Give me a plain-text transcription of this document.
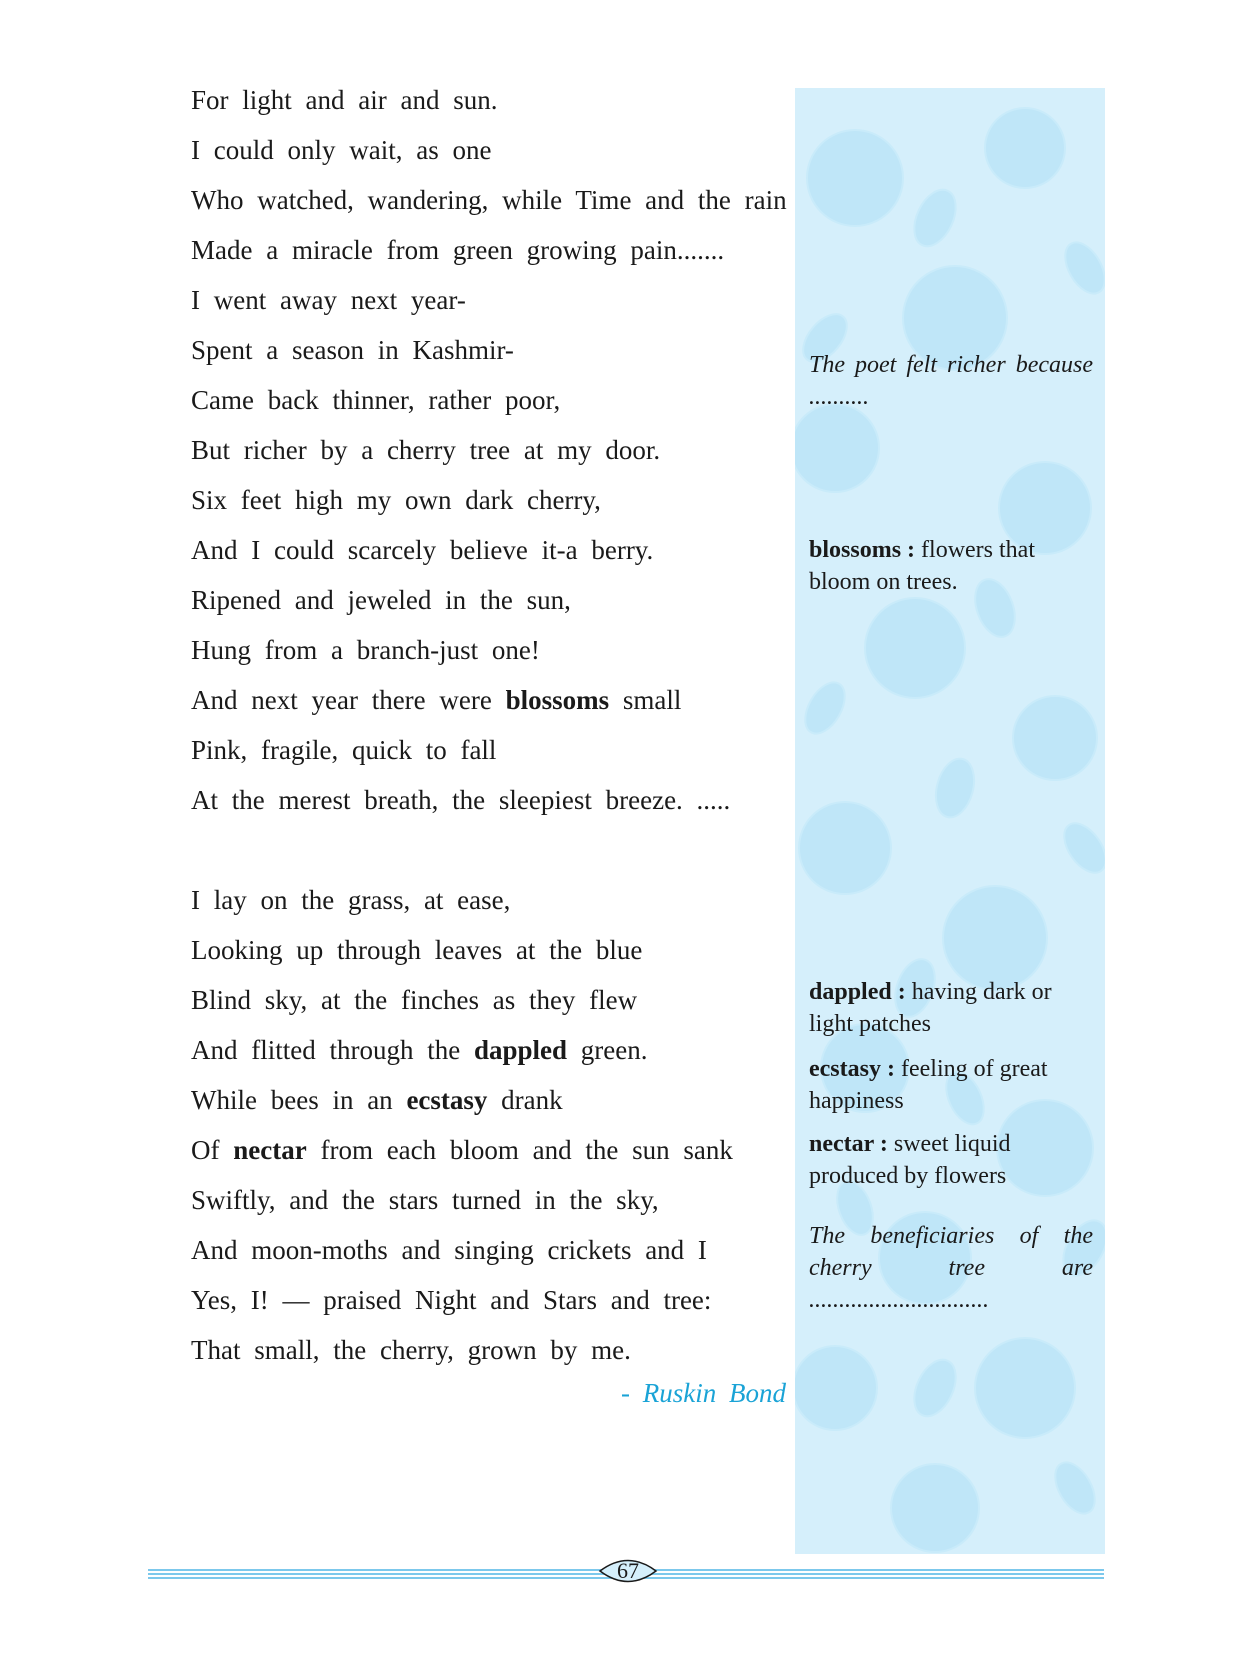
For light and air and sun.
I could only wait, as one
Who watched, wandering, while Time and the rain
Made a miracle from green growing pain.......
I went away next year-
Spent a season in Kashmir-
Came back thinner, rather poor,
But richer by a cherry tree at my door.
Six feet high my own dark cherry,
And I could scarcely believe it-a berry.
Ripened and jeweled in the sun,
Hung from a branch-just one!
And next year there were blossoms small
Pink, fragile, quick to fall
At the merest breath, the sleepiest breeze. .....
I lay on the grass, at ease,
Looking up through leaves at the blue
Blind sky, at the finches as they flew
And flitted through the dappled green.
While bees in an ecstasy drank
Of nectar from each bloom and the sun sank
Swiftly, and the stars turned in the sky,
And moon-moths and singing crickets and I
Yes, I! — praised Night and Stars and tree:
That small, the cherry, grown by me.
- Ruskin Bond
The poet felt richer because ..........
blossoms : flowers that bloom on trees.
dappled : having dark or light patches
ecstasy : feeling of great happiness
nectar : sweet liquid produced by flowers
The beneficiaries of the cherry tree are ..............................
67
